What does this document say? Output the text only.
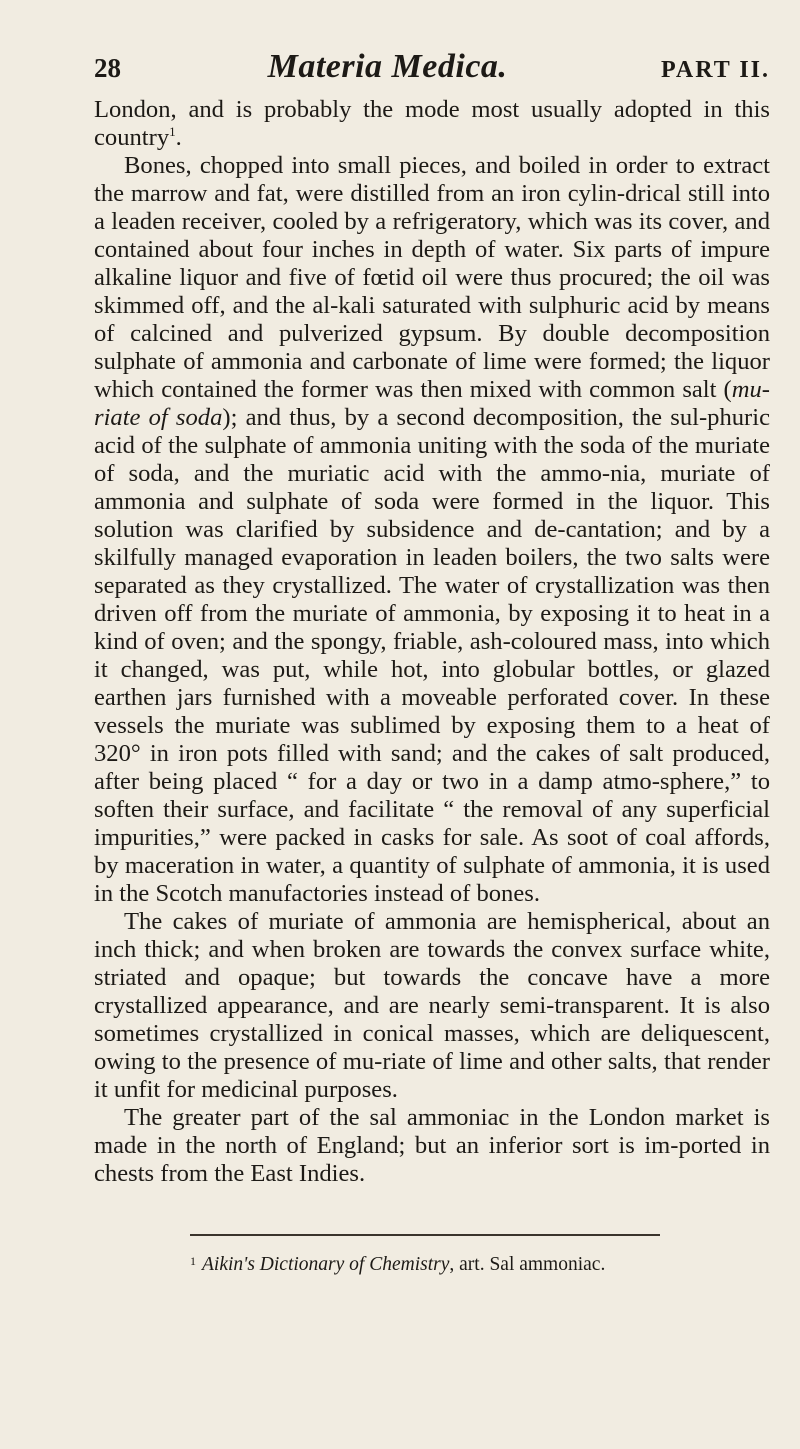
28	Materia Medica.	PART II.

London, and is probably the mode most usually adopted in this country$^1$.

Bones, chopped into small pieces, and boiled in order to extract the marrow and fat, were distilled from an iron cylin-drical still into a leaden receiver, cooled by a refrigeratory, which was its cover, and contained about four inches in depth of water. Six parts of impure alkaline liquor and five of fœtid oil were thus procured; the oil was skimmed off, and the al-kali saturated with sulphuric acid by means of calcined and pulverized gypsum. By double decomposition sulphate of ammonia and carbonate of lime were formed; the liquor which contained the former was then mixed with common salt (mu-riate of soda); and thus, by a second decomposition, the sul-phuric acid of the sulphate of ammonia uniting with the soda of the muriate of soda, and the muriatic acid with the ammo-nia, muriate of ammonia and sulphate of soda were formed in the liquor. This solution was clarified by subsidence and de-cantation; and by a skilfully managed evaporation in leaden boilers, the two salts were separated as they crystallized. The water of crystallization was then driven off from the muriate of ammonia, by exposing it to heat in a kind of oven; and the spongy, friable, ash-coloured mass, into which it changed, was put, while hot, into globular bottles, or glazed earthen jars furnished with a moveable perforated cover. In these vessels the muriate was sublimed by exposing them to a heat of 320° in iron pots filled with sand; and the cakes of salt produced, after being placed “ for a day or two in a damp atmo-sphere,” to soften their surface, and facilitate “ the removal of any superficial impurities,” were packed in casks for sale. As soot of coal affords, by maceration in water, a quantity of sulphate of ammonia, it is used in the Scotch manufactories instead of bones.

The cakes of muriate of ammonia are hemispherical, about an inch thick; and when broken are towards the convex surface white, striated and opaque; but towards the concave have a more crystallized appearance, and are nearly semi-transparent. It is also sometimes crystallized in conical masses, which are deliquescent, owing to the presence of mu-riate of lime and other salts, that render it unfit for medicinal purposes.

The greater part of the sal ammoniac in the London market is made in the north of England; but an inferior sort is im-ported in chests from the East Indies.

$^1$ Aikin's Dictionary of Chemistry, art. Sal ammoniac.
